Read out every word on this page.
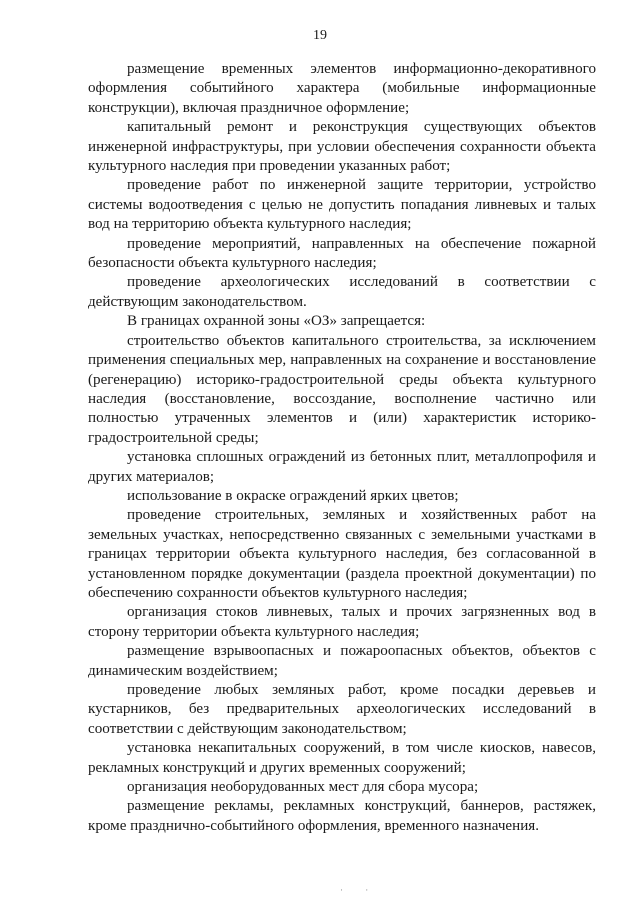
19

размещение временных элементов информационно-декоративного оформления событийного характера (мобильные информационные конструкции), включая праздничное оформление;

капитальный ремонт и реконструкция существующих объектов инженерной инфраструктуры, при условии обеспечения сохранности объекта культурного наследия при проведении указанных работ;

проведение работ по инженерной защите территории, устройство системы водоотведения с целью не допустить попадания ливневых и талых вод на территорию объекта культурного наследия;

проведение мероприятий, направленных на обеспечение пожарной безопасности объекта культурного наследия;

проведение археологических исследований в соответствии с действующим законодательством.

В границах охранной зоны «ОЗ» запрещается:

строительство объектов капитального строительства, за исключением применения специальных мер, направленных на сохранение и восстановление (регенерацию) историко-градостроительной среды объекта культурного наследия (восстановление, воссоздание, восполнение частично или полностью утраченных элементов и (или) характеристик историко-градостроительной среды;

установка сплошных ограждений из бетонных плит, металлопрофиля и других материалов;

использование в окраске ограждений ярких цветов;

проведение строительных, земляных и хозяйственных работ на земельных участках, непосредственно связанных с земельными участками в границах территории объекта культурного наследия, без согласованной в установленном порядке документации (раздела проектной документации) по обеспечению сохранности объектов культурного наследия;

организация стоков ливневых, талых и прочих загрязненных вод в сторону территории объекта культурного наследия;

размещение взрывоопасных и пожароопасных объектов, объектов с динамическим воздействием;

проведение любых земляных работ, кроме посадки деревьев и кустарников, без предварительных археологических исследований в соответствии с действующим законодательством;

установка некапитальных сооружений, в том числе киосков, навесов, рекламных конструкций и других временных сооружений;

организация необорудованных мест для сбора мусора;

размещение рекламы, рекламных конструкций, баннеров, растяжек, кроме празднично-событийного оформления, временного назначения.

· ·
